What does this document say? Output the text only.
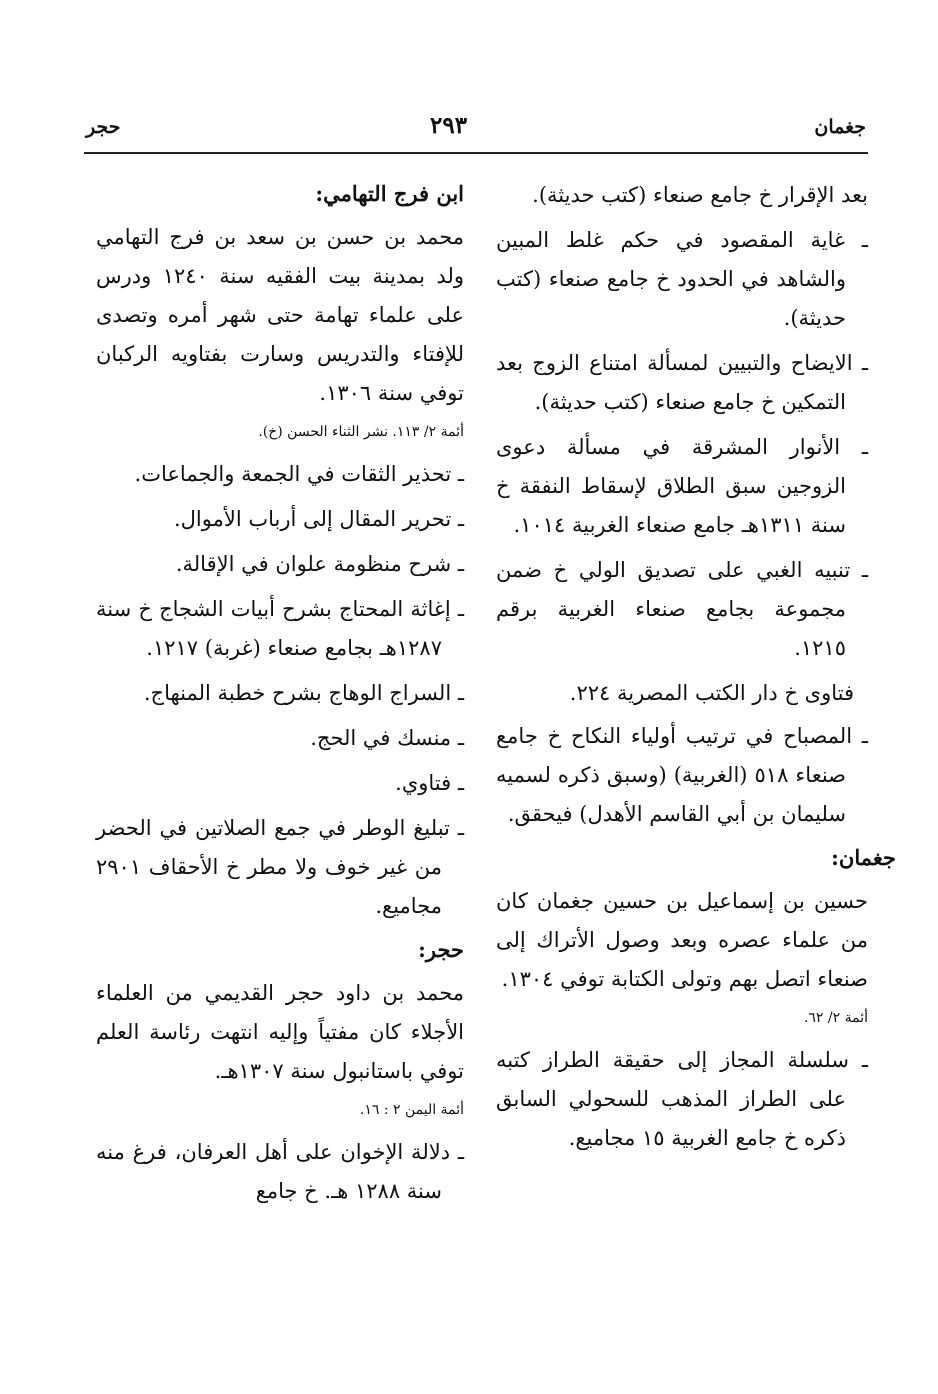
جغمان
٢٩٣
حجر
بعد الإقرار خ جامع صنعاء (كتب حديثة).
ـ غاية المقصود في حكم غلط المبين والشاهد في الحدود خ جامع صنعاء (كتب حديثة).
ـ الايضاح والتبيين لمسألة امتناع الزوج بعد التمكين خ جامع صنعاء (كتب حديثة).
ـ الأنوار المشرقة في مسألة دعوى الزوجين سبق الطلاق لإسقاط النفقة خ سنة ١٣١١هـ جامع صنعاء الغربية ١٠١٤.
ـ تنبيه الغبي على تصديق الولي خ ضمن مجموعة بجامع صنعاء الغربية برقم ١٢١٥.
فتاوى خ دار الكتب المصرية ٢٢٤.
ـ المصباح في ترتيب أولياء النكاح خ جامع صنعاء ٥١٨ (الغربية) (وسبق ذكره لسميه سليمان بن أبي القاسم الأهدل) فيحقق.
جغمان:
حسين بن إسماعيل بن حسين جغمان كان من علماء عصره وبعد وصول الأتراك إلى صنعاء اتصل بهم وتولى الكتابة توفي ١٣٠٤.
أئمة ٢/ ٦٢.
ـ سلسلة المجاز إلى حقيقة الطراز كتبه على الطراز المذهب للسحولي السابق ذكره خ جامع الغربية ١٥ مجاميع.
ابن فرج التهامي:
محمد بن حسن بن سعد بن فرج التهامي ولد بمدينة بيت الفقيه سنة ١٢٤٠ ودرس على علماء تهامة حتى شهر أمره وتصدى للإفتاء والتدريس وسارت بفتاويه الركبان توفي سنة ١٣٠٦.
أئمة ٢/ ١١٣. نشر الثناء الحسن (خ).
ـ تحذير الثقات في الجمعة والجماعات.
ـ تحرير المقال إلى أرباب الأموال.
ـ شرح منظومة علوان في الإقالة.
ـ إغاثة المحتاج بشرح أبيات الشجاج خ سنة ١٢٨٧هـ بجامع صنعاء (غربة) ١٢١٧.
ـ السراج الوهاج بشرح خطبة المنهاج.
ـ منسك في الحج.
ـ فتاوي.
ـ تبليغ الوطر في جمع الصلاتين في الحضر من غير خوف ولا مطر خ الأحقاف ٢٩٠١ مجاميع.
حجر:
محمد بن داود حجر القديمي من العلماء الأجلاء كان مفتياً وإليه انتهت رئاسة العلم توفي باستانبول سنة ١٣٠٧هـ.
أئمة اليمن ٢ : ١٦.
ـ دلالة الإخوان على أهل العرفان، فرغ منه سنة ١٢٨٨ هـ. خ جامع
